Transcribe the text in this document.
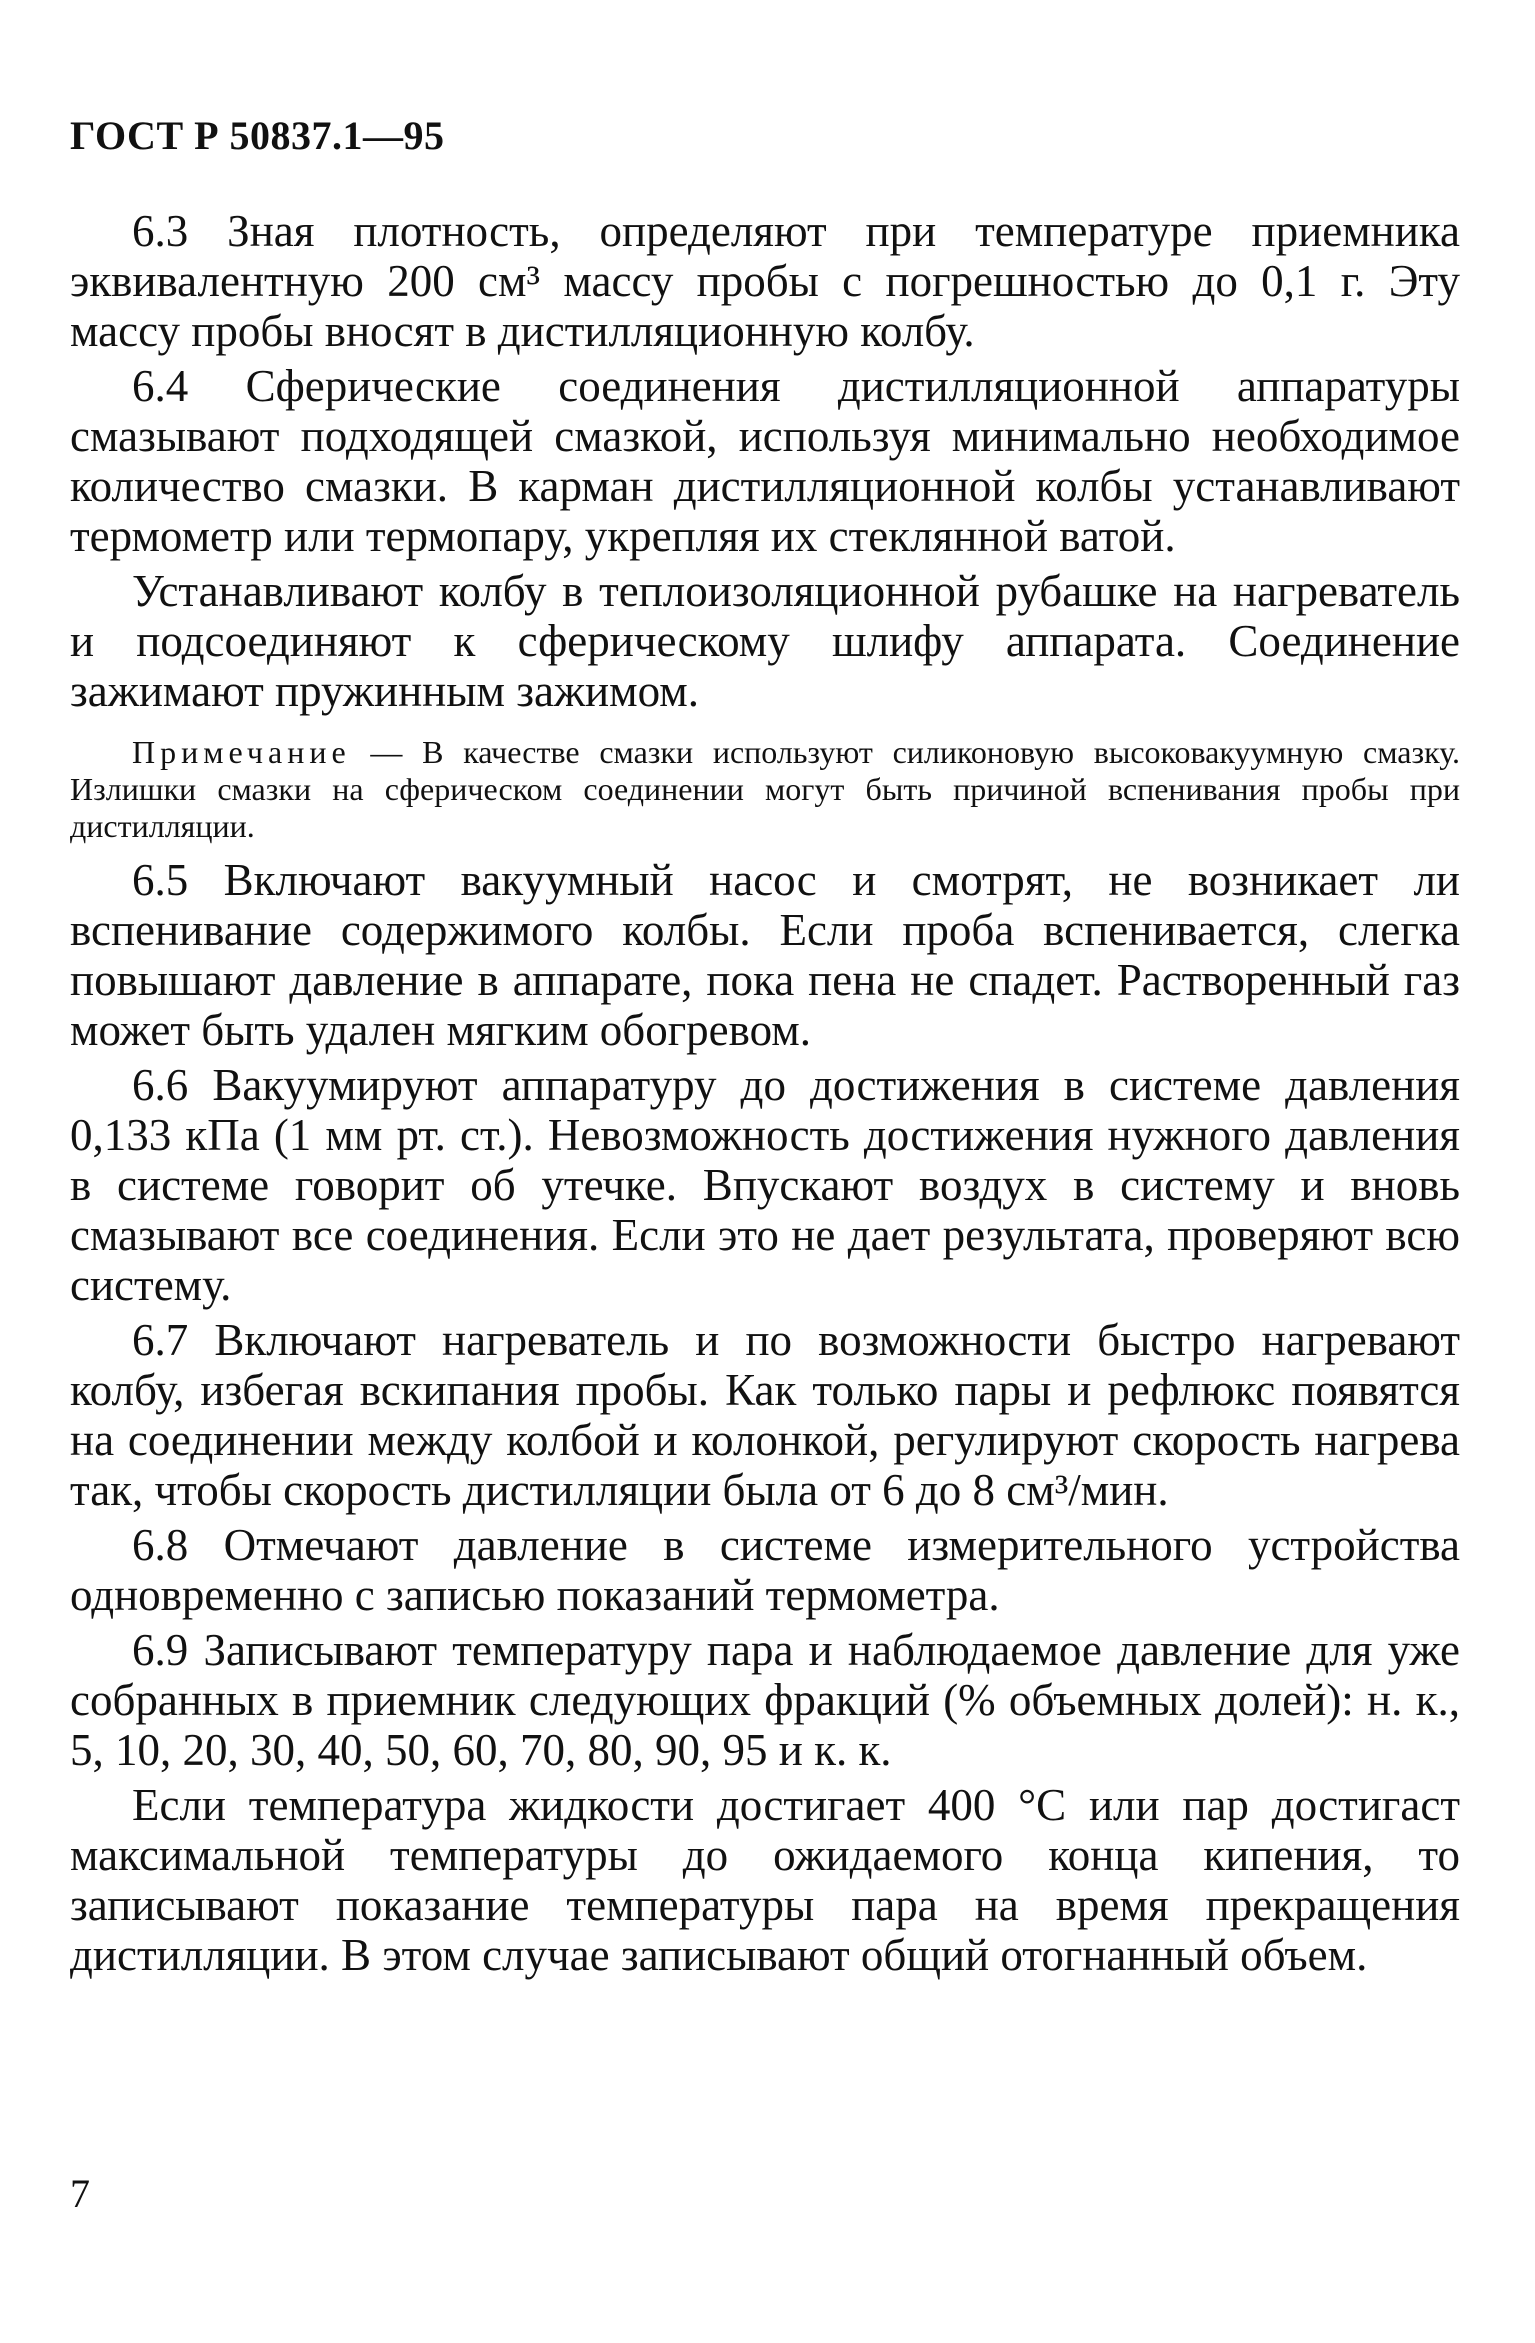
ГОСТ Р 50837.1—95

6.3 Зная плотность, определяют при температуре приемника эквивалентную 200 см³ массу пробы с погрешностью до 0,1 г. Эту массу пробы вносят в дистилляционную колбу.

6.4 Сферические соединения дистилляционной аппаратуры смазывают подходящей смазкой, используя минимально необходимое количество смазки. В карман дистилляционной колбы устанавливают термометр или термопару, укрепляя их стеклянной ватой.

Устанавливают колбу в теплоизоляционной рубашке на нагреватель и подсоединяют к сферическому шлифу аппарата. Соединение зажимают пружинным зажимом.

Примечание — В качестве смазки используют силиконовую высоковакуумную смазку. Излишки смазки на сферическом соединении могут быть причиной вспенивания пробы при дистилляции.

6.5 Включают вакуумный насос и смотрят, не возникает ли вспенивание содержимого колбы. Если проба вспенивается, слегка повышают давление в аппарате, пока пена не спадет. Растворенный газ может быть удален мягким обогревом.

6.6 Вакуумируют аппаратуру до достижения в системе давления 0,133 кПа (1 мм рт. ст.). Невозможность достижения нужного давления в системе говорит об утечке. Впускают воздух в систему и вновь смазывают все соединения. Если это не дает результата, проверяют всю систему.

6.7 Включают нагреватель и по возможности быстро нагревают колбу, избегая вскипания пробы. Как только пары и рефлюкс появятся на соединении между колбой и колонкой, регулируют скорость нагрева так, чтобы скорость дистилляции была от 6 до 8 см³/мин.

6.8 Отмечают давление в системе измерительного устройства одновременно с записью показаний термометра.

6.9 Записывают температуру пара и наблюдаемое давление для уже собранных в приемник следующих фракций (% объемных долей): н. к., 5, 10, 20, 30, 40, 50, 60, 70, 80, 90, 95 и к. к.

Если температура жидкости достигает 400 °C или пар достигаст максимальной температуры до ожидаемого конца кипения, то записывают показание температуры пара на время прекращения дистилляции. В этом случае записывают общий отогнанный объем.

7
